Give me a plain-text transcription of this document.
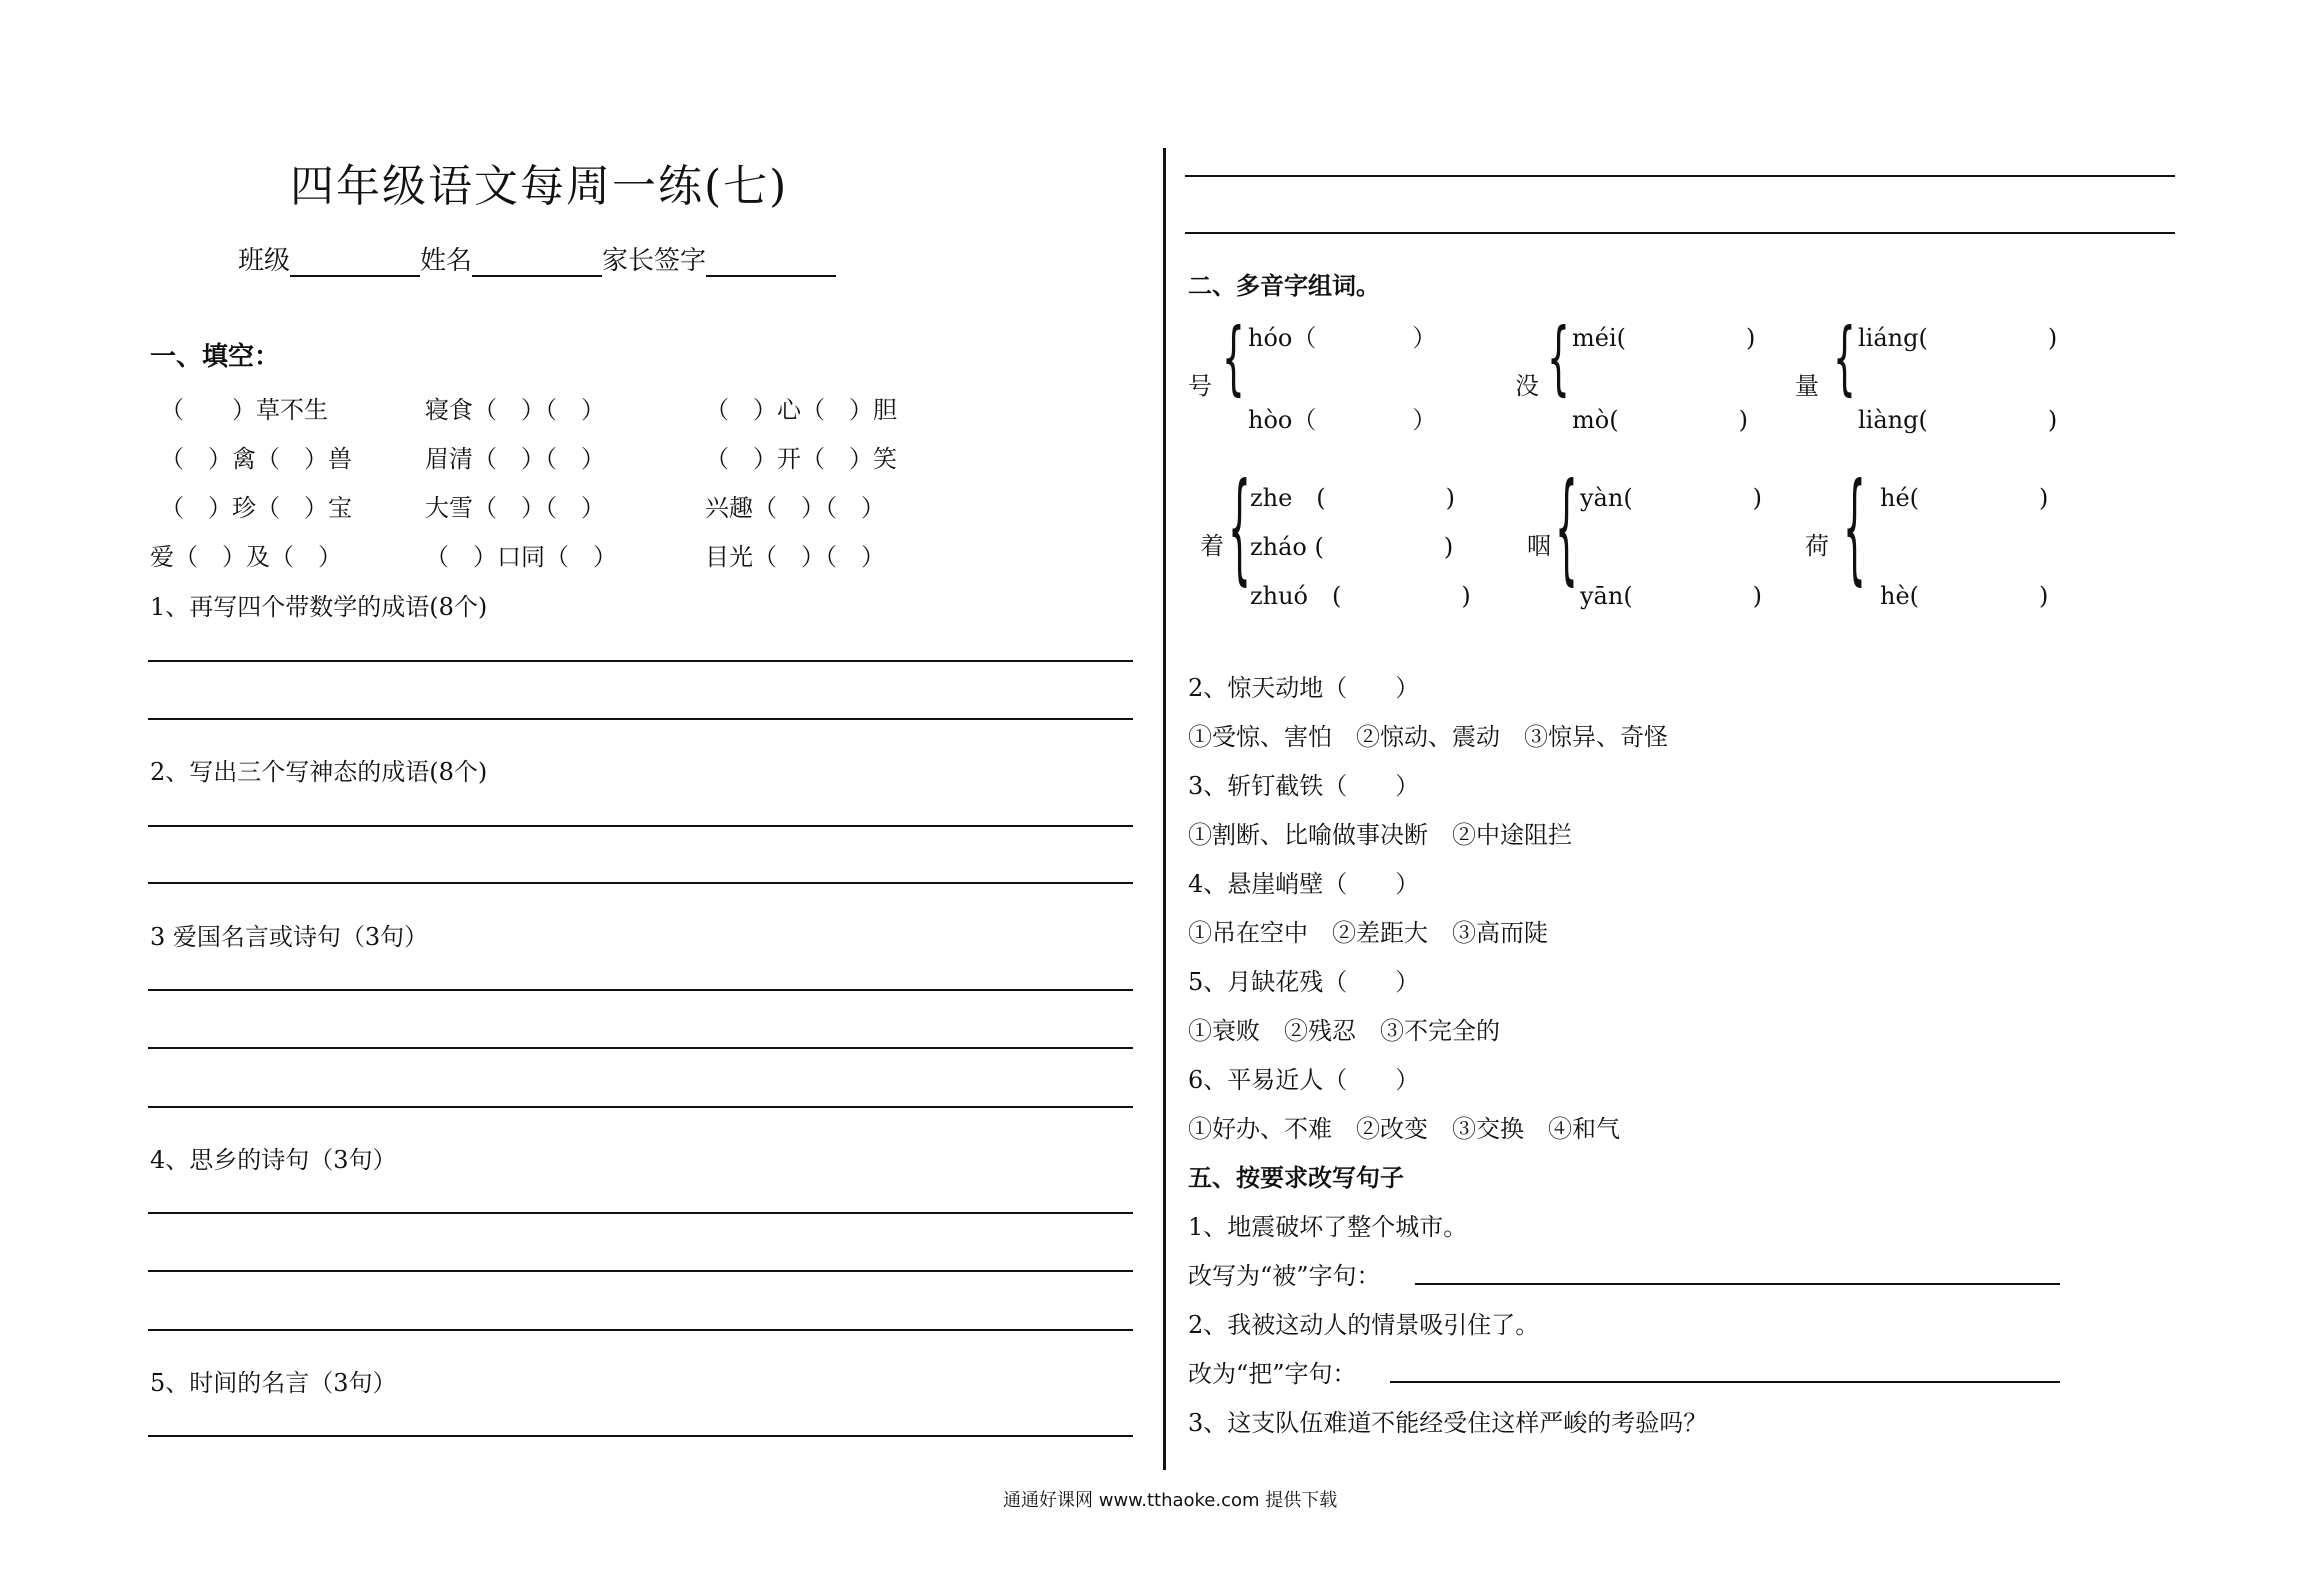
四年级语文每周一练(七)
班级	姓名	家长签字
一、填空：
（　　）草不生	寝食（　）（　）	（　）心（　）胆
（　）禽（　）兽	眉清（　）（　）	（　）开（　）笑
（　）珍（　）宝	大雪（　）（　）	兴趣（　）（　）
爱（　）及（　）	（　）口同（　）	目光（　）（　）
1、再写四个带数学的成语(8个)
2、写出三个写神态的成语(8个)
3 爱国名言或诗句（3句）
4、思乡的诗句（3句）
5、时间的名言（3句）
二、多音字组词。
号 { hóo（　　　　）
hòo（　　　　）
没 { méi(　　　　　)
mò(　　　　　)
量 { liáng(　　　　　)
liàng(　　　　　)
着 { zhe　(　　　　　)
zháo (　　　　　)
zhuó　(　　　　　)
咽 { yàn(　　　　　)
yān(　　　　　)
荷 { hé(　　　　　)
hè(　　　　　)
2、惊天动地（　　）
①受惊、害怕　②惊动、震动　③惊异、奇怪
3、斩钉截铁（　　）
①割断、比喻做事决断　②中途阻拦
4、悬崖峭壁（　　）
①吊在空中　②差距大　③高而陡
5、月缺花残（　　）
①衰败　②残忍　③不完全的
6、平易近人（　　）
①好办、不难　②改变　③交换　④和气
五、按要求改写句子
1、地震破坏了整个城市。
改写为“被”字句：
2、我被这动人的情景吸引住了。
改为“把”字句：
3、这支队伍难道不能经受住这样严峻的考验吗？
通通好课网 www.tthaoke.com 提供下载
